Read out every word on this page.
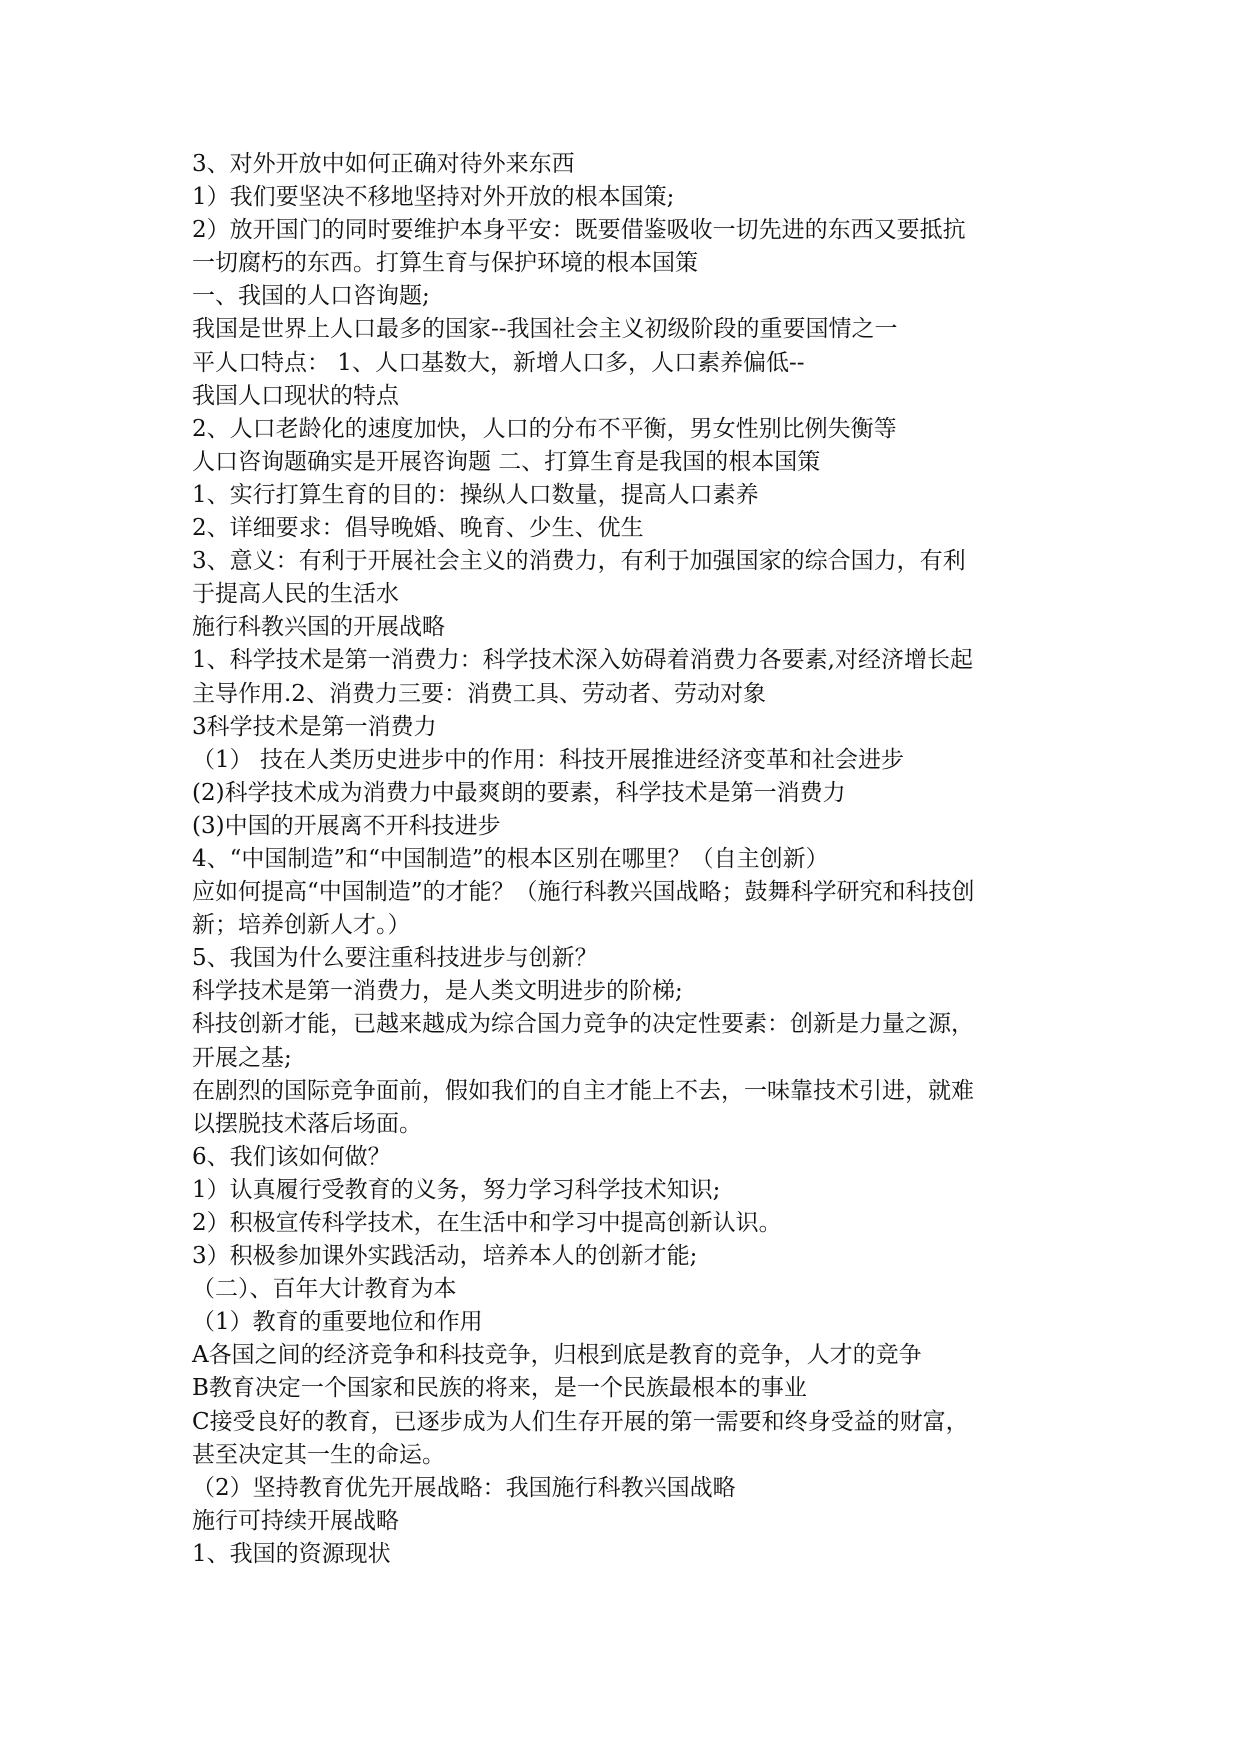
3、对外开放中如何正确对待外来东西

1）我们要坚决不移地坚持对外开放的根本国策;

2）放开国门的同时要维护本身平安：既要借鉴吸收一切先进的东西又要抵抗

一切腐朽的东西。打算生育与保护环境的根本国策

一、我国的人口咨询题;

我国是世界上人口最多的国家--我国社会主义初级阶段的重要国情之一

平人口特点： 1、人口基数大，新增人口多，人口素养偏低--

我国人口现状的特点

2、人口老龄化的速度加快，人口的分布不平衡，男女性别比例失衡等

人口咨询题确实是开展咨询题 二、打算生育是我国的根本国策

1、实行打算生育的目的：操纵人口数量，提高人口素养

2、详细要求：倡导晚婚、晚育、少生、优生

3、意义：有利于开展社会主义的消费力，有利于加强国家的综合国力，有利

于提高人民的生活水

施行科教兴国的开展战略

1、科学技术是第一消费力：科学技术深入妨碍着消费力各要素,对经济增长起

主导作用.2、消费力三要：消费工具、劳动者、劳动对象

3科学技术是第一消费力

（1） 技在人类历史进步中的作用：科技开展推进经济变革和社会进步

(2)科学技术成为消费力中最爽朗的要素，科学技术是第一消费力

(3)中国的开展离不开科技进步

4、“中国制造”和“中国制造”的根本区别在哪里？（自主创新）

应如何提高“中国制造”的才能？（施行科教兴国战略；鼓舞科学研究和科技创

新；培养创新人才。）

5、我国为什么要注重科技进步与创新？

科学技术是第一消费力，是人类文明进步的阶梯;

科技创新才能，已越来越成为综合国力竞争的决定性要素：创新是力量之源，

开展之基;

在剧烈的国际竞争面前，假如我们的自主才能上不去，一味靠技术引进，就难

以摆脱技术落后场面。

6、我们该如何做？

1）认真履行受教育的义务，努力学习科学技术知识;

2）积极宣传科学技术，在生活中和学习中提高创新认识。

3）积极参加课外实践活动，培养本人的创新才能;

（二）、百年大计教育为本

（1）教育的重要地位和作用

A各国之间的经济竞争和科技竞争，归根到底是教育的竞争，人才的竞争

B教育决定一个国家和民族的将来，是一个民族最根本的事业

C接受良好的教育，已逐步成为人们生存开展的第一需要和终身受益的财富，

甚至决定其一生的命运。

（2）坚持教育优先开展战略：我国施行科教兴国战略

施行可持续开展战略

1、我国的资源现状
